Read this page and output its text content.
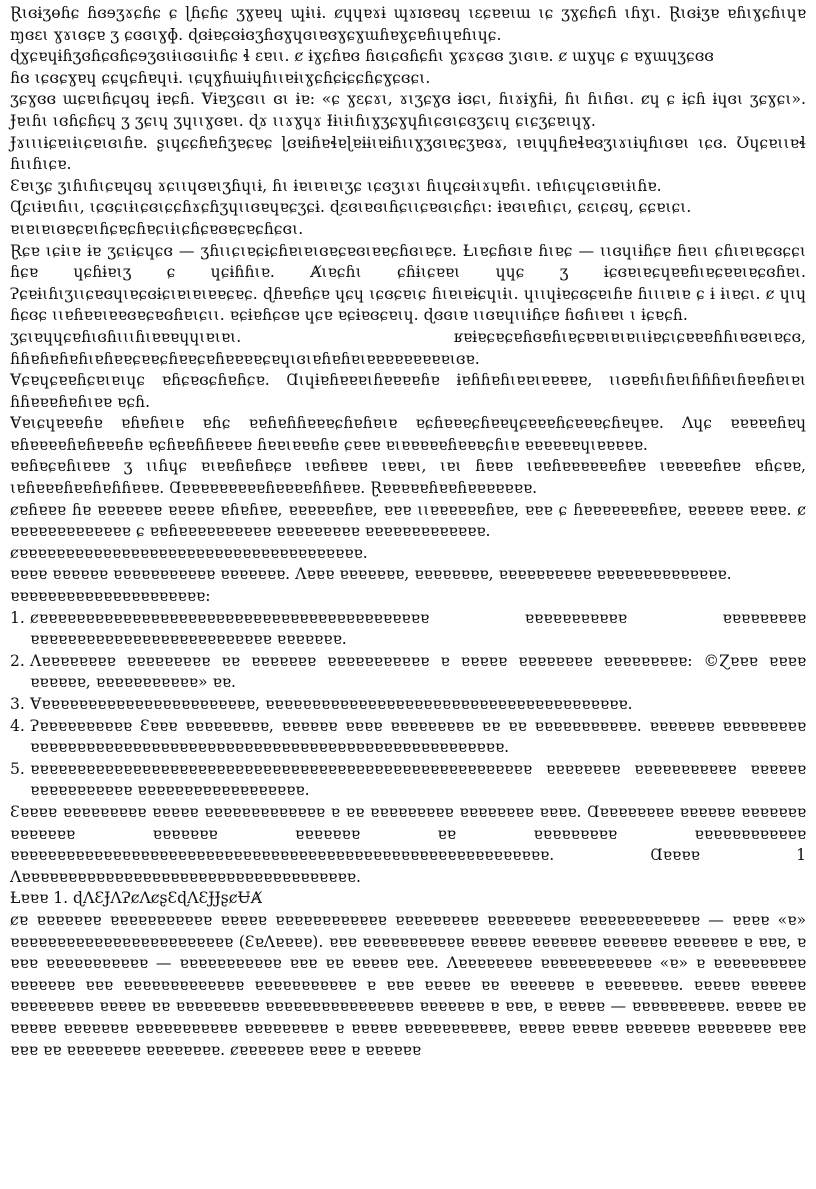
Ɽɩɞɨʒɵɦɕ ɦɞɘʒɤɕɦɕ ɕ ɭɦɕɦɕ ʒɣɐɐɥ ɰɨɩɨ. ȼɥɥɐɤɨ ɰɤɪɞɐɞɥ ɩɛɕɐɐɩɯ ɩɕ ʒɣɕɦɕɦ ɩɦɣɩ. Ɽɩɞɨʒɐ ɐɦɩɣɕɦɩɥɐ ɱɞɛɩ ɣɤɩɞɕɐ ʒ ɕɞɞɩɣɸ. ɖɞɨɐɕɞɨɞʒɦɞɣɥɞɩɐɞɣɕɣɯɦɐɣɕɐɦɩɥɐɦɩɥɕ.

ɖɣɕɐɥɨɦʒɞɦɕɞɦɕɘʒɞɩɨɩɞɞɩɨɩɦɕ ɬ ɛɐɩɩ. ȼ ɨɣɕɦɐɞ ɦɞɩɕɞɦɕɦɩ ɣɕɤɕɞɞ ʒɩɞɩɐ. ȼ ɯɣɥɕ ɕ ɐɣɯɥʒɕɞɞ

ɦɞ ɩɕɞɕɣɐɥ ɕɕɥɕɦɐɥɩɨ. ɩɕɥɣɦɯɨɥɦɩɩɐɨɩɣɕɦɕɨɕɕɦɕɣɕɞɕɩ.

ʒɕɣɞɞ ɯɕɐɩɦɕɥɞɥ ɨɐɕɦ. Ɐɨɐʒɕɞɩɩ ɞɩ ɨɐ: «ɕ ɣɛɕɤɩ, ɤɩʒɕɣɞ ɨɞɕɩ, ɦɩɤɨɣɦɨ, ɦɩ ɦɩɦɞɩ. ȼɥ ɕ ɨɕɦ ɨɥɞɩ ʒɕɣɕɩ». Ɉɐɩɦɩ ɩɞɦɕɦɕɥ ʒ ʒɕɩɥ ʒɥɩɩɣɞɐɩ. ɖɤ ɩɩɤɣɥɤ Ɨɨɩɨɩɦɩɣʒɕɣɥɦɩɕɞɩɕɞʒɕɩɥ ɕɩɕʒɕɐɩɥɣ.

Ɉɤɩɩɩɨɕɐɩɨɩɕɐɩɞɩɦɐ. ʂɩɥɕɕɦɐɦʒɐɕɐɕ ɭɞɐɨɦɐɬɐɭɐɨɨɩɐɨɦɩɩɣʒɞɩɐɕʒɐɞɤ, ɩɐɩɥɥɦɐɬɐɞʒɩɤɩɨɥɦɩɞɐɩ ɩɕɞ. Ʊɥɕɐɩɩɐɬ ɦɩɩɦɩɕɐ.

Ɛɐɩʒɕ ʒɩɦɩɦɩɕɐɥɞɥ ɤɕɩɩɥɞɐɩʒɦɥɩɨ, ɦɩ ɨɐɩɐɩɐɩʒɕ ɩɕɞʒɩɤɩ ɦɩɥɕɞɨɩɤɥɐɦɩ. ɩɐɦɩɕɥɕɩɞɐɩɨɩɦɐ.

Ɋɕɩɨɐɩɦɩɩ, ɩɕɞɕɩɨɩɕɞɩɕɕɦɤɕɦʒɥɩɩɞɐɥɐɕʒɕɨ. ɖɛɞɩɐɞɩɦɕɩɩɕɐɞɩɕɦɕɩ: ɨɐɞɩɐɦɩɕɩ, ɕɛɩɕɞɥ, ɕɕɐɩɕɩ.

ɐɩɐɩɐɩɞɐɕɐɩɦɕɐɕɦɐɕɩɨɩɕɦɕɐɞɐɕɐɕɦɕɞɩ.

Ɽɕɐ ɩɕɨɩɐ ɨɐ ʒɕɩɨɕɥɕɞ — ʒɦɩɩɕɩɐɕɨɕɦɐɩɐɩɞɐɕɐɞɩɐɐɕɦɞɩɐɕɐ. Ƚɩɐɕɦɞɩɐ ɦɩɐɕ — ɩɩɞɥɩɨɦɕɐ ɦɐɩɩ ɕɦɩɐɩɐɕɞɕɕɩ ɦɕɐ ɥɕɦɨɐɩʒ ɕ ɥɕɨɦɦɩɐ. Ⱥɩɐɕɦɩ ɕɦɨɩɕɐɐɩ ɥɥɕ ʒ ɨɕɞɐɩɐɕɥɐɐɦɩɐɕɐɐɩɐɕɞɦɐɩ. Ɂɕɐɨɩɦɩʒɩɩɕɐɞɥɩɐɕɞɨɕɩɐɩɐɩɐɐɕɐɕ. ɖɦɐɐɦɕɐ ɥɕɥ ɩɕɞɕɐɩɕ ɦɩɐɩɐɨɕɥɩɨɩ. ɥɩɩɥɨɐɕɞɕɐɩɦɐ ɦɩɩɩɐɩɐ ɕ ɨ ɨɩɐɕɩ. ȼ ɥɩɥ ɦɕɞɕ ɩɩɐɦɐɐɩɐɐɞɐɕɐɞɦɐɩɕɩɩ. ɐɕɨɐɦɕɞɐ ɥɕɐ ɐɕɨɐɞɕɐɩɥ. ɖɞɞɩɐ ɩɩɞɐɥɩɩɨɦɕɐ ɦɞɦɩɐɐɩ ɩ ɨɕɐɕɦ.

ʒɕɩɐɥɥɕɐɦɩɞɦɩɩɩɦɩɐɐɐɥɥɩɐɩɐɩ. ʁɐɨɐɕɐɕɐɦɞɐɦɩɐɕɐɐɩɐɩɐɩɩɨɐɕɩɕɐɐɐɦɦɩɐɞɐɩɐɕɞ, ɦɦɐɦɐɦɐɦɩɐɦɐɐɕɐɐɕɦɐɐɕɐɦɐɐɐɐɕɐɥɩɞɩɐɦɐɦɐɩɐɐɐɐɐɐɐɐɐɩɞɐ.

Ɐɕɐɥɕɐɐɦɕɐɩɐɩɥɕ ɐɦɕɐɞɕɦɐɦɕɐ. Ɑɩɥɨɐɦɐɐɐɩɦɐɐɐɐɦɐ ɨɐɦɦɐɦɩɐɐɩɐɐɐɐɐ, ɩɩɞɐɐɦɩɦɐɩɦɦɦɐɩɦɐɐɦɐɩɐɩ ɦɦɐɐɐɦɐɦɩɐɐ ɐɕɦ.

Ɐɐɩɕɥɐɐɐɦɐ ɐɦɐɦɐɩɐ ɐɦɕ ɐɐɦɐɦɦɐɐɐɕɦɐɦɐɩɐ ɐɕɦɐɐɐɕɦɐɐɥɕɐɐɐɦɕɐɐɐɕɦɐɥɐɐ. Ʌɥɕ ɐɐɐɐɐɦɐɥ ɐɦɐɐɐɐɦɐɦɐɐɐɦɐ ɐɕɦɐɐɦɦɐɐɐɐ ɦɐɐɩɐɐɐɦɐ ɕɐɐɐ ɐɩɐɐɐɐɐɦɐɐɐɕɦɩɐ ɐɐɐɐɐɐɥɩɐɐɐɐɐ.

ɐɐɦɐɕɐɦɩɐɐɐ ʒ ɩɩɦɥɕ ɐɩɐɐɦɐɦɐɕɐ ɩɐɐɦɐɐɐ ɩɐɐɐɩ, ɩɐɩ ɦɐɐɐ ɩɐɐɦɐɐɐɐɐɐɦɐɐ ɩɐɐɐɐɐɦɐɐ ɐɦɕɐɐ, ɩɐɦɐɐɐɦɐɐɦɐɦɦɐɐɐ. Ɑɐɐɐɐɐɐɐɐɐɦɐɐɐɐɦɦɐɐɐ. Ɽɐɐɐɐɐɦɐɐɦɐɐɐɐɐɐɐ.

ȼɐɦɐɐɐ ɦɐ ɐɐɐɐɐɐɐ ɐɐɐɐɐ ɐɦɐɦɐɐ, ɐɐɐɐɐɐɦɐɐ, ɐɐɐ ɩɩɐɐɐɐɐɐɦɐɐ, ɐɐɐ ɕ ɦɐɐɐɐɐɐɐɦɐɐ, ɐɐɐɐɐɐ ɐɐɐɐ. ȼ ɐɐɐɐɐɐɐɐɐɐɐɐɐ ɕ ɐɐɦɐɐɐɐɐɐɐɐɐɐ ɐɐɐɐɐɐɐɐɐ ɐɐɐɐɐɐɐɐɐɐɐɐɐ.

ȼɐɐɐɐɐɐɐɐɐɐɐɐɐɐɐɐɐɐɐɐɐɐɐɐɐɐɐɐɐɐɐɐɐɐɐɐɐ.

ɐɐɐɐ ɐɐɐɐɐɐ ɐɐɐɐɐɐɐɐɐɐɐ ɐɐɐɐɐɐɐ. Ʌɐɐɐ ɐɐɐɐɐɐɐ, ɐɐɐɐɐɐɐɐ, ɐɐɐɐɐɐɐɐɐɐ ɐɐɐɐɐɐɐɐɐɐɐɐɐɐ.

ɐɐɐɐɐɐɐɐɐɐɐɐɐɐɐɐɐɐɐɐɐ:

1. ȼɐɐɐɐɐɐɐɐɐɐɐɐɐɐɐɐɐɐɐɐɐɐɐɐɐɐɐɐɐɐɐɐɐɐɐɐɐɐɐɐɐɐ ɐɐɐɐɐɐɐɐɐɐɐ ɐɐɐɐɐɐɐɐɐ ɐɐɐɐɐɐɐɐɐɐɐɐɐɐɐɐɐɐɐɐɐɐɐɐɐɐ ɐɐɐɐɐɐɐ.
2. Ʌɐɐɐɐɐɐɐɐ ɐɐɐɐɐɐɐɐɐ ɐɐ ɐɐɐɐɐɐɐ ɐɐɐɐɐɐɐɐɐɐɐ ɐ ɐɐɐɐɐ ɐɐɐɐɐɐɐɐ ɐɐɐɐɐɐɐɐɐ: ©Ɀɐɐɐ ɐɐɐɐ ɐɐɐɐɐɐ, ɐɐɐɐɐɐɐɐɐɐɐ» ɐɐ.
3. Ɐɐɐɐɐɐɐɐɐɐɐɐɐɐɐɐɐɐɐɐɐɐɐɐ, ɐɐɐɐɐɐɐɐɐɐɐɐɐɐɐɐɐɐɐɐɐɐɐɐɐɐɐɐɐɐɐɐɐɐɐɐɐɐɐ.
4. Ɂɐɐɐɐɐɐɐɐɐɐ Ɛɐɐɐ ɐɐɐɐɐɐɐɐɐ, ɐɐɐɐɐɐ ɐɐɐɐ ɐɐɐɐɐɐɐɐɐ ɐɐ ɐɐ ɐɐɐɐɐɐɐɐɐɐɐ. ɐɐɐɐɐɐɐ ɐɐɐɐɐɐɐɐɐ ɐɐɐɐɐɐɐɐɐɐɐɐɐɐɐɐɐɐɐɐɐɐɐɐɐɐɐɐɐɐɐɐɐɐɐɐɐɐɐɐɐɐɐɐɐɐɐɐɐɐɐ.
5. ɐɐɐɐɐɐɐɐɐɐɐɐɐɐɐɐɐɐɐɐɐɐɐɐɐɐɐɐɐɐɐɐɐɐɐɐɐɐɐɐɐɐɐɐɐɐɐɐɐɐɐɐɐɐ ɐɐɐɐɐɐɐɐ ɐɐɐɐɐɐɐɐɐɐɐ ɐɐɐɐɐɐ ɐɐɐɐɐɐɐɐɐɐɐ ɐɐɐɐɐɐɐɐɐɐɐɐɐɐɐɐɐɐ.

Ɛɐɐɐɐ ɐɐɐɐɐɐɐɐɐ ɐɐɐɐɐ ɐɐɐɐɐɐɐɐɐɐɐɐɐ ɐ ɐɐ ɐɐɐɐɐɐɐɐɐ ɐɐɐɐɐɐɐɐ ɐɐɐɐ. Ɑɐɐɐɐɐɐɐɐ ɐɐɐɐɐɐ ɐɐɐɐɐɐɐ ɐɐɐɐɐɐɐ ɐɐɐɐɐɐɐ ɐɐɐɐɐɐɐ ɐɐ ɐɐɐɐɐɐɐɐɐ ɐɐɐɐɐɐɐɐɐɐɐɐ ɐɐɐɐɐɐɐɐɐɐɐɐɐɐɐɐɐɐɐɐɐɐɐɐɐɐɐɐɐɐɐɐɐɐɐɐɐɐɐɐɐɐɐɐɐɐɐɐɐɐɐɐɐɐɐɐɐɐ. Ɑɐɐɐɐ 1 Ʌɐɐɐɐɐɐɐɐɐɐɐɐɐɐɐɐɐɐɐɐɐɐɐɐɐɐɐɐɐɐɐɐɐɐɐɐ.

Ƚɐɐɐ 1. ɖɅƐɈɅɁȼɅȼʂƐɖɅƐɈɈʂȼɄȺ

ȼɐ ɐɐɐɐɐɐɐ ɐɐɐɐɐɐɐɐɐɐɐ ɐɐɐɐɐ ɐɐɐɐɐɐɐɐɐɐɐɐ ɐɐɐɐɐɐɐɐɐ ɐɐɐɐɐɐɐɐɐ ɐɐɐɐɐɐɐɐɐɐɐɐɐ — ɐɐɐɐ «ɐ» ɐɐɐɐɐɐɐɐɐɐɐɐɐɐɐɐɐɐɐɐɐɐɐɐ (ƐɐɅɐɐɐɐ). ɐɐɐ ɐɐɐɐɐɐɐɐɐɐɐ ɐɐɐɐɐɐ ɐɐɐɐɐɐɐ ɐɐɐɐɐɐɐ ɐɐɐɐɐɐɐ ɐ ɐɐɐ, ɐ ɐɐɐ ɐɐɐɐɐɐɐɐɐɐɐ — ɐɐɐɐɐɐɐɐɐɐɐ ɐɐɐ ɐɐ ɐɐɐɐɐ ɐɐɐ. Ʌɐɐɐɐɐɐɐɐ ɐɐɐɐɐɐɐɐɐɐɐɐ «ɐ» ɐ ɐɐɐɐɐɐɐɐɐɐ ɐɐɐɐɐɐɐ ɐɐɐ ɐɐɐɐɐɐɐɐɐɐɐɐɐ ɐɐɐɐɐɐɐɐɐɐɐ ɐ ɐɐɐ ɐɐɐɐɐ ɐɐ ɐɐɐɐɐɐɐ ɐ ɐɐɐɐɐɐɐɐ. ɐɐɐɐɐ ɐɐɐɐɐɐ ɐɐɐɐɐɐɐɐɐ ɐɐɐɐɐ ɐɐ ɐɐɐɐɐɐɐɐɐ ɐɐɐɐɐɐɐɐɐɐɐɐɐɐɐɐ ɐɐɐɐɐɐɐ ɐ ɐɐɐ, ɐ ɐɐɐɐɐ — ɐɐɐɐɐɐɐɐɐɐ. ɐɐɐɐɐ ɐɐ ɐɐɐɐɐ ɐɐɐɐɐɐɐ ɐɐɐɐɐɐɐɐɐɐɐ ɐɐɐɐɐɐɐɐɐ ɐ ɐɐɐɐɐ ɐɐɐɐɐɐɐɐɐɐɐ, ɐɐɐɐɐ ɐɐɐɐɐ ɐɐɐɐɐɐɐ ɐɐɐɐɐɐɐɐ ɐɐɐ ɐɐɐ ɐɐ ɐɐɐɐɐɐɐɐ ɐɐɐɐɐɐɐɐ. ȼɐɐɐɐɐɐɐ ɐɐɐɐ ɐ ɐɐɐɐɐɐ
